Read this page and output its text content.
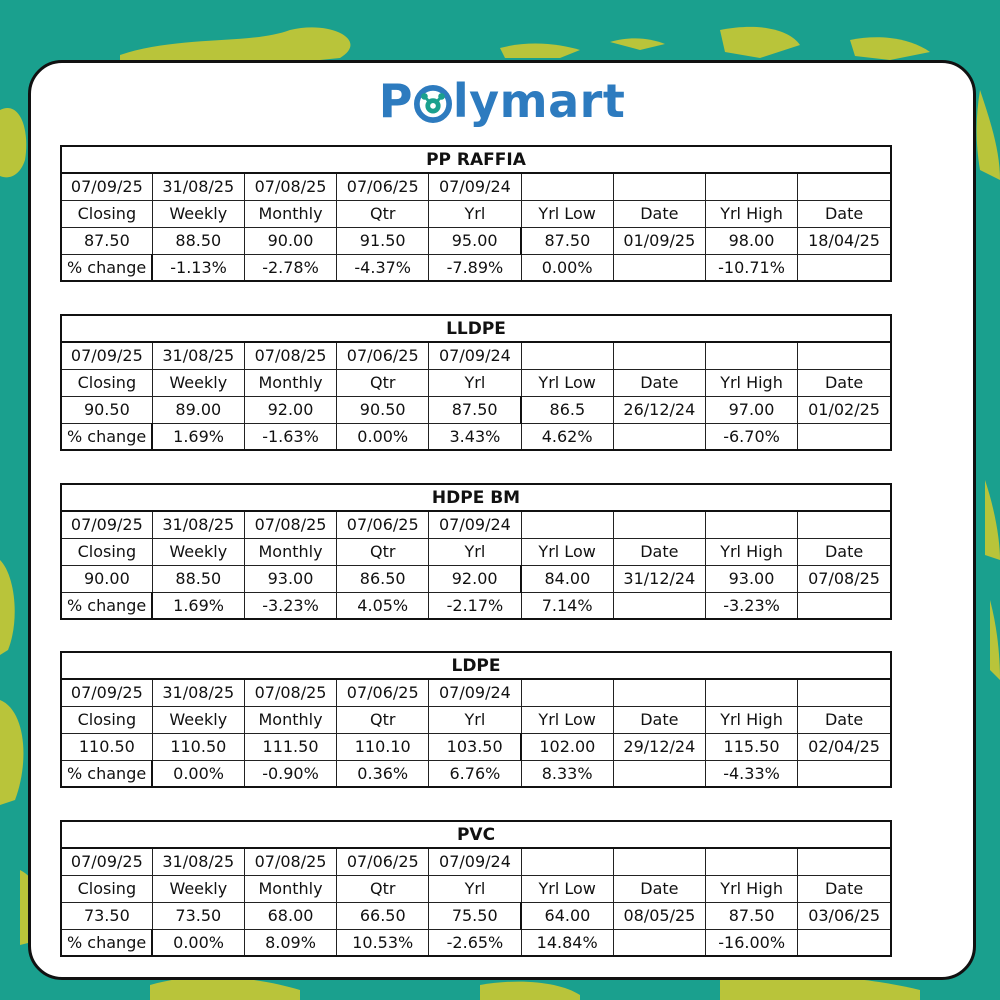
P lymart
PP RAFFIA								
07/09/25	31/08/25	07/08/25	07/06/25	07/09/24				
Closing	Weekly	Monthly	Qtr	Yrl	Yrl Low	Date	Yrl High	Date
87.50	88.50	90.00	91.50	95.00	87.50	01/09/25	98.00	18/04/25
% change	-1.13%	-2.78%	-4.37%	-7.89%	0.00%		-10.71%	
LLDPE								
07/09/25	31/08/25	07/08/25	07/06/25	07/09/24				
Closing	Weekly	Monthly	Qtr	Yrl	Yrl Low	Date	Yrl High	Date
90.50	89.00	92.00	90.50	87.50	86.5	26/12/24	97.00	01/02/25
% change	1.69%	-1.63%	0.00%	3.43%	4.62%		-6.70%	
HDPE BM								
07/09/25	31/08/25	07/08/25	07/06/25	07/09/24				
Closing	Weekly	Monthly	Qtr	Yrl	Yrl Low	Date	Yrl High	Date
90.00	88.50	93.00	86.50	92.00	84.00	31/12/24	93.00	07/08/25
% change	1.69%	-3.23%	4.05%	-2.17%	7.14%		-3.23%	
LDPE								
07/09/25	31/08/25	07/08/25	07/06/25	07/09/24				
Closing	Weekly	Monthly	Qtr	Yrl	Yrl Low	Date	Yrl High	Date
110.50	110.50	111.50	110.10	103.50	102.00	29/12/24	115.50	02/04/25
% change	0.00%	-0.90%	0.36%	6.76%	8.33%		-4.33%	
PVC								
07/09/25	31/08/25	07/08/25	07/06/25	07/09/24				
Closing	Weekly	Monthly	Qtr	Yrl	Yrl Low	Date	Yrl High	Date
73.50	73.50	68.00	66.50	75.50	64.00	08/05/25	87.50	03/06/25
% change	0.00%	8.09%	10.53%	-2.65%	14.84%		-16.00%	
